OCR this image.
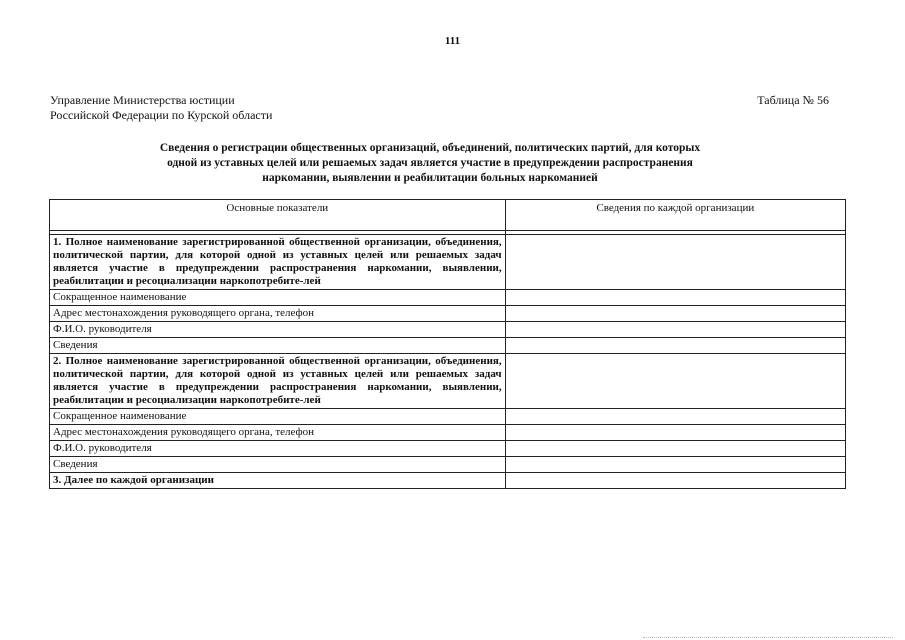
111
Управление Министерства юстиции
Российской Федерации по Курской области
Таблица № 56
Сведения о регистрации общественных организаций, объединений, политических партий, для которых
одной из уставных целей или решаемых задач является участие в предупреждении распространения
наркомании, выявлении и реабилитации больных наркоманией
Основные показатели	Сведения по каждой организации

1. Полное наименование зарегистрированной общественной организации, объединения, политической партии, для которой одной из уставных целей или решаемых задач является участие в предупреждении распространения наркомании, выявлении, реабилитации и ресоциализации наркопотребите-лей	
Сокращенное наименование	
Адрес местонахождения руководящего органа, телефон	
Ф.И.О. руководителя	
Сведения	
2. Полное наименование зарегистрированной общественной организации, объединения, политической партии, для которой одной из уставных целей или решаемых задач является участие в предупреждении распространения наркомании, выявлении, реабилитации и ресоциализации наркопотребите-лей	
Сокращенное наименование	
Адрес местонахождения руководящего органа, телефон	
Ф.И.О. руководителя	
Сведения	
3. Далее по каждой организации	
